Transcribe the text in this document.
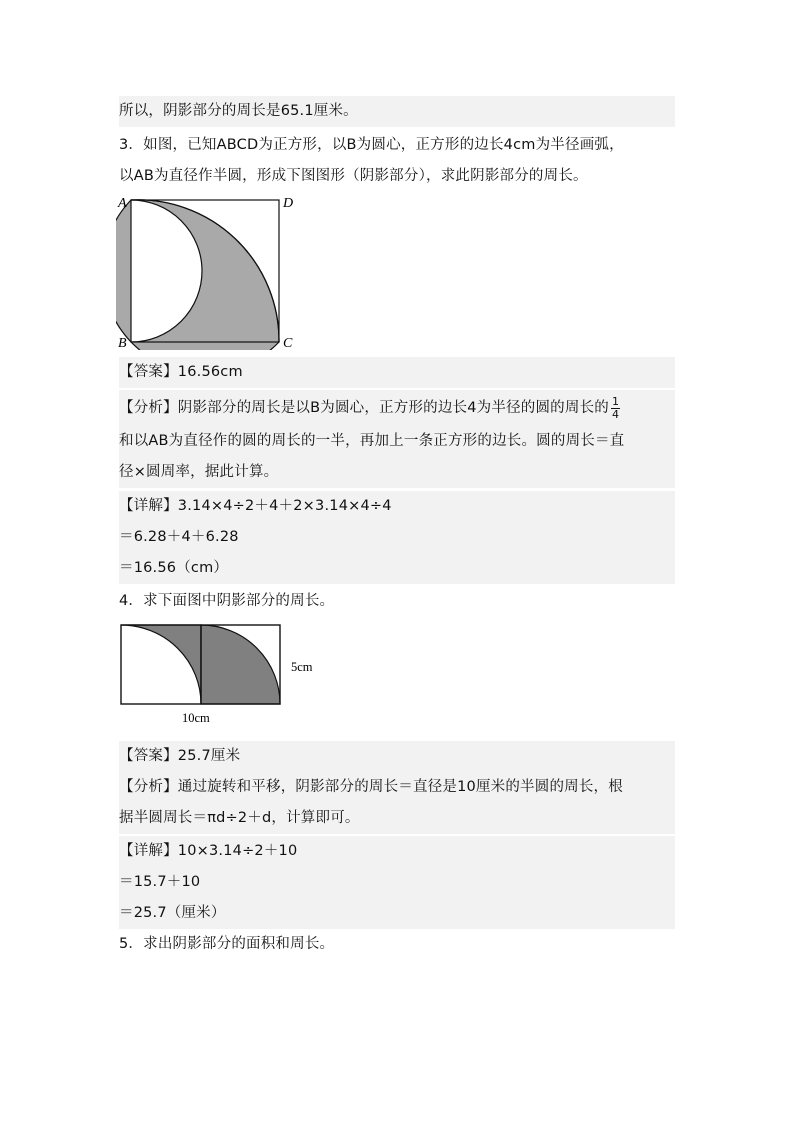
所以，阴影部分的周长是65.1厘米。
3．如图，已知ABCD为正方形，以B为圆心，正方形的边长4cm为半径画弧，
以AB为直径作半圆，形成下图图形（阴影部分），求此阴影部分的周长。
A	D
B	C
【答案】16.56cm
【分析】阴影部分的周长是以B为圆心，正方形的边长4为半径的圆的周长的 $\frac{1}{4}$
和以AB为直径作的圆的周长的一半，再加上一条正方形的边长。圆的周长＝直
径×圆周率，据此计算。
【详解】3.14×4÷2＋4＋2×3.14×4÷4
＝6.28＋4＋6.28
＝16.56（cm）
4．求下面图中阴影部分的周长。
5cm
10cm
【答案】25.7厘米
【分析】通过旋转和平移，阴影部分的周长＝直径是10厘米的半圆的周长，根
据半圆周长＝πd÷2＋d，计算即可。
【详解】10×3.14÷2＋10
＝15.7＋10
＝25.7（厘米）
5．求出阴影部分的面积和周长。
